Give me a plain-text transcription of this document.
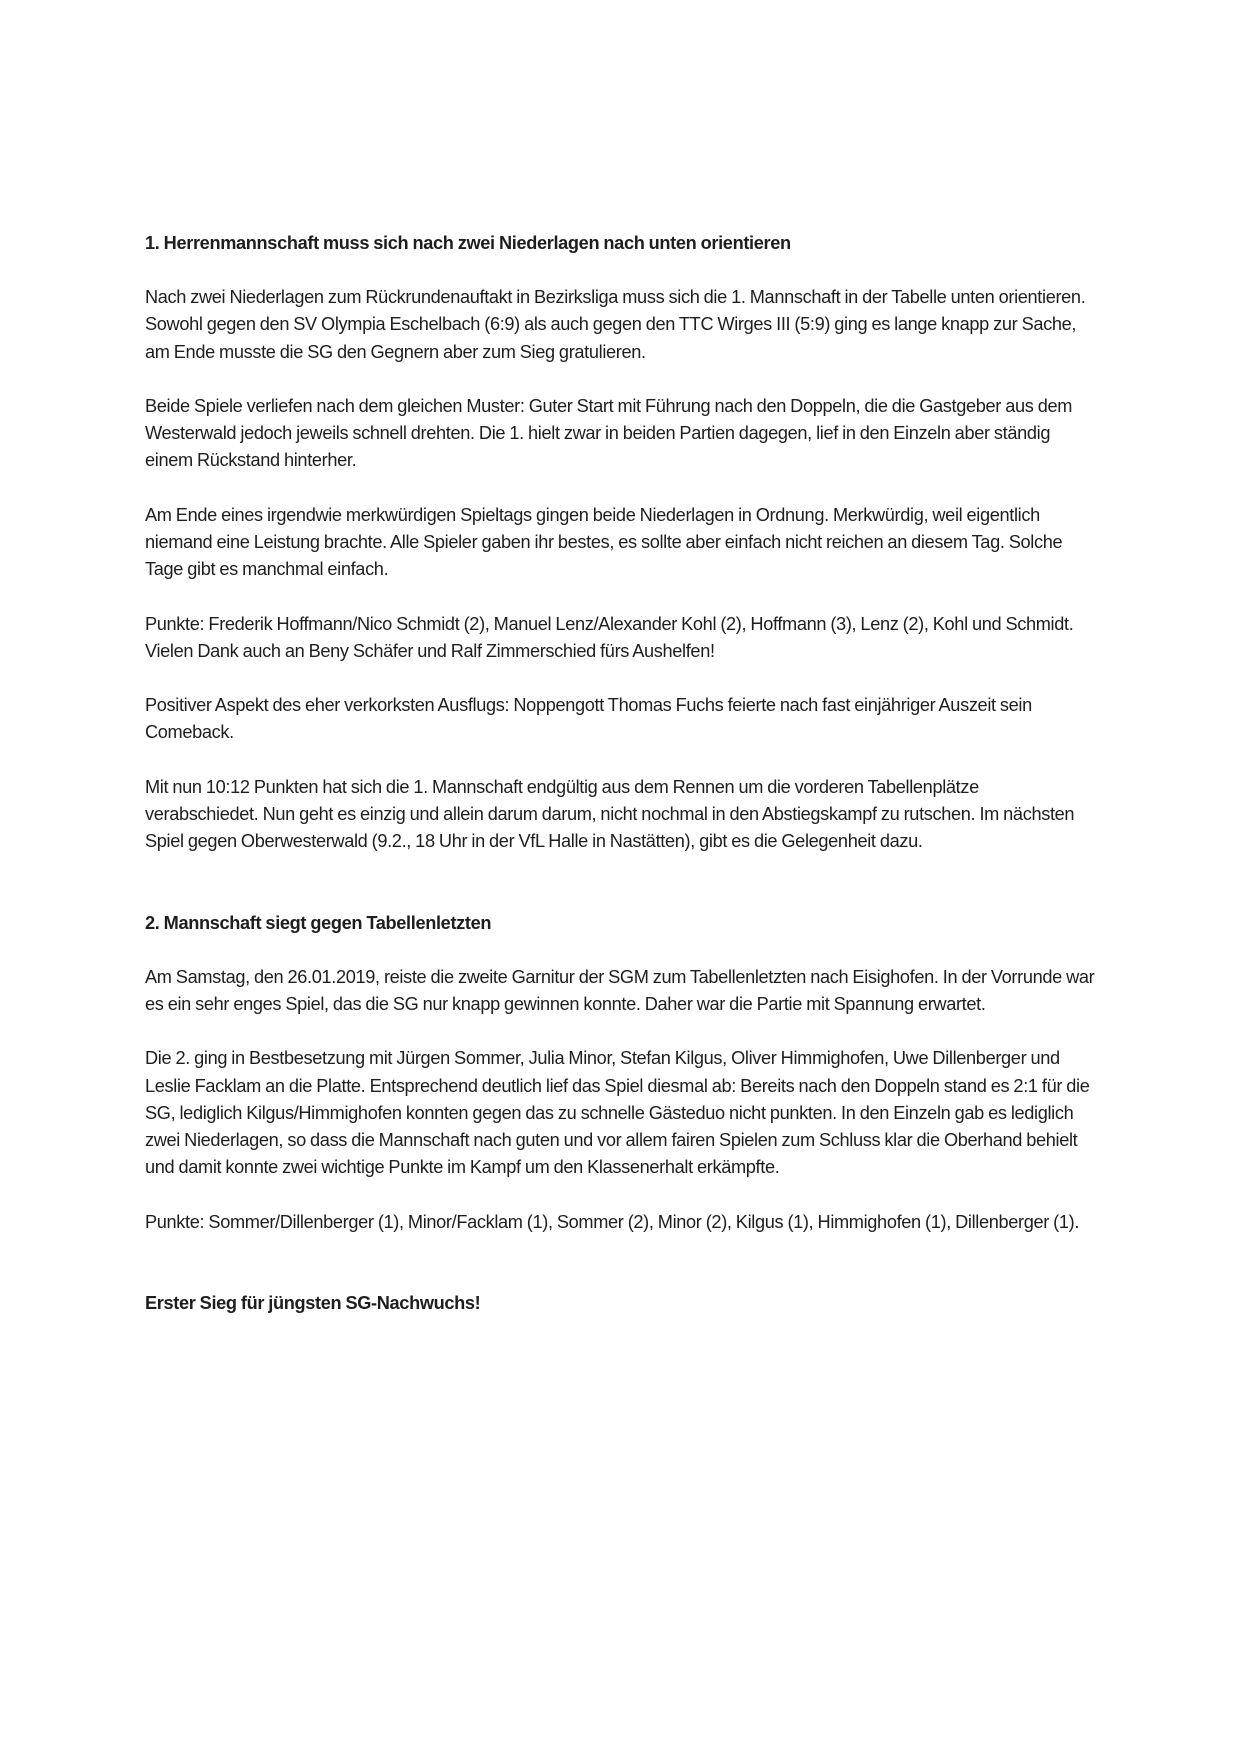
1. Herrenmannschaft muss sich nach zwei Niederlagen nach unten orientieren

Nach zwei Niederlagen zum Rückrundenauftakt in Bezirksliga muss sich die 1. Mannschaft in der Tabelle unten orientieren. Sowohl gegen den SV Olympia Eschelbach (6:9) als auch gegen den TTC Wirges III (5:9) ging es lange knapp zur Sache, am Ende musste die SG den Gegnern aber zum Sieg gratulieren.

Beide Spiele verliefen nach dem gleichen Muster: Guter Start mit Führung nach den Doppeln, die die Gastgeber aus dem Westerwald jedoch jeweils schnell drehten. Die 1. hielt zwar in beiden Partien dagegen, lief in den Einzeln aber ständig einem Rückstand hinterher.

Am Ende eines irgendwie merkwürdigen Spieltags gingen beide Niederlagen in Ordnung. Merkwürdig, weil eigentlich niemand eine Leistung brachte. Alle Spieler gaben ihr bestes, es sollte aber einfach nicht reichen an diesem Tag. Solche Tage gibt es manchmal einfach.

Punkte: Frederik Hoffmann/Nico Schmidt (2), Manuel Lenz/Alexander Kohl (2), Hoffmann (3), Lenz (2), Kohl und Schmidt. Vielen Dank auch an Beny Schäfer und Ralf Zimmerschied fürs Aushelfen!

Positiver Aspekt des eher verkorksten Ausflugs: Noppengott Thomas Fuchs feierte nach fast einjähriger Auszeit sein Comeback.

Mit nun 10:12 Punkten hat sich die 1. Mannschaft endgültig aus dem Rennen um die vorderen Tabellenplätze verabschiedet. Nun geht es einzig und allein darum darum, nicht nochmal in den Abstiegskampf zu rutschen. Im nächsten Spiel gegen Oberwesterwald (9.2., 18 Uhr in der VfL Halle in Nastätten), gibt es die Gelegenheit dazu.

2. Mannschaft siegt gegen Tabellenletzten

Am Samstag, den 26.01.2019, reiste die zweite Garnitur der SGM zum Tabellenletzten nach Eisighofen. In der Vorrunde war es ein sehr enges Spiel, das die SG nur knapp gewinnen konnte. Daher war die Partie mit Spannung erwartet.

Die 2. ging in Bestbesetzung mit Jürgen Sommer, Julia Minor, Stefan Kilgus, Oliver Himmighofen, Uwe Dillenberger und Leslie Facklam an die Platte. Entsprechend deutlich lief das Spiel diesmal ab: Bereits nach den Doppeln stand es 2:1 für die SG, lediglich Kilgus/Himmighofen konnten gegen das zu schnelle Gästeduo nicht punkten. In den Einzeln gab es lediglich zwei Niederlagen, so dass die Mannschaft nach guten und vor allem fairen Spielen zum Schluss klar die Oberhand behielt und damit konnte zwei wichtige Punkte im Kampf um den Klassenerhalt erkämpfte.

Punkte: Sommer/Dillenberger (1), Minor/Facklam (1), Sommer (2), Minor (2), Kilgus (1), Himmighofen (1), Dillenberger (1).

Erster Sieg für jüngsten SG-Nachwuchs!
